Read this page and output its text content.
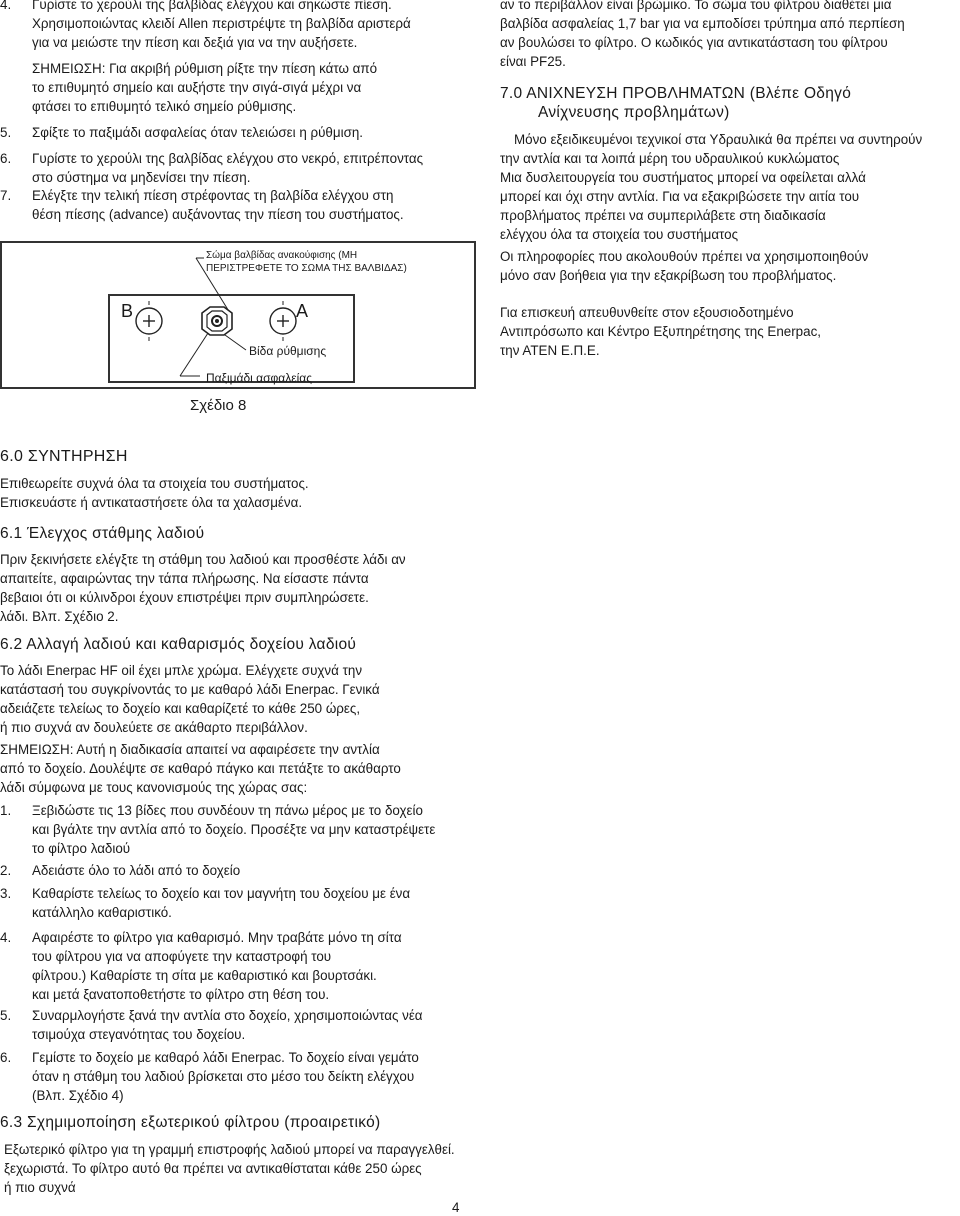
4. Γυρίστε το χερούλι της βαλβίδας ελέγχου και σηκώστε πίεση.
Χρησιμοποιώντας κλειδί Allen περιστρέψτε τη βαλβίδα αριστερά
για να μειώστε την πίεση και δεξιά για να την αυξήσετε.
ΣΗΜΕΙΩΣΗ: Για ακριβή ρύθμιση ρίξτε την πίεση κάτω από
το επιθυμητό σημείο και αυξήστε την σιγά-σιγά μέχρι να
φτάσει το επιθυμητό τελικό σημείο ρύθμισης.
5. Σφίξτε το παξιμάδι ασφαλείας όταν τελειώσει η ρύθμιση.
6. Γυρίστε το χερούλι της βαλβίδας ελέγχου στο νεκρό, επιτρέποντας
στο σύστημα να μηδενίσει την πίεση.
7. Ελέγξτε την τελική πίεση στρέφοντας τη βαλβίδα ελέγχου στη
θέση πίεσης (advance) αυξάνοντας την πίεση του συστήματος.
Σώμα βαλβίδας ανακούφισης (ΜΗ
ΠΕΡΙΣΤΡΕΦΕΤΕ ΤΟ ΣΩΜΑ ΤΗΣ ΒΑΛΒΙΔΑΣ)
B	A
Βίδα ρύθμισης
Παξιμάδι ασφαλείας
Σχέδιο 8
6.0 ΣΥΝΤΗΡΗΣΗ
Επιθεωρείτε συχνά όλα τα στοιχεία του συστήματος.
Επισκευάστε ή αντικαταστήσετε όλα τα χαλασμένα.
6.1 Έλεγχος στάθμης λαδιού
Πριν ξεκινήσετε ελέγξτε τη στάθμη του λαδιού και προσθέστε λάδι αν
απαιτείτε, αφαιρώντας την τάπα πλήρωσης. Να είσαστε πάντα
βεβαιοι ότι οι κύλινδροι έχουν επιστρέψει πριν συμπληρώσετε.
λάδι. Βλπ. Σχέδιο 2.
6.2 Αλλαγή λαδιού και καθαρισμός δοχείου λαδιού
Το λάδι Enerpac HF oil έχει μπλε χρώμα. Ελέγχετε συχνά την
κατάστασή του συγκρίνοντάς το με καθαρό λάδι Enerpac. Γενικά
αδειάζετε τελείως το δοχείο και καθαρίζετέ το κάθε 250 ώρες,
ή πιο συχνά αν δουλεύετε σε ακάθαρτο περιβάλλον.
ΣΗΜΕΙΩΣΗ: Αυτή η διαδικασία απαιτεί να αφαιρέσετε την αντλία
από το δοχείο. Δουλέψτε σε καθαρό πάγκο και πετάξτε το ακάθαρτο
λάδι σύμφωνα με τους κανονισμούς της χώρας σας:
1. Ξεβιδώστε τις 13 βίδες που συνδέουν τη πάνω μέρος με το δοχείο
και βγάλτε την αντλία από το δοχείο. Προσέξτε να μην καταστρέψετε
το φίλτρο λαδιού
2. Αδειάστε όλο το λάδι από το δοχείο
3. Καθαρίστε τελείως το δοχείο και τον μαγνήτη του δοχείου με ένα
κατάλληλο καθαριστικό.
4. Αφαιρέστε το φίλτρο για καθαρισμό. Μην τραβάτε μόνο τη σίτα
του φίλτρου για να αποφύγετε την καταστροφή του
φίλτρου.) Καθαρίστε τη σίτα με καθαριστικό και βουρτσάκι.
και μετά ξανατοποθετήστε το φίλτρο στη θέση του.
5. Συναρμλογήστε ξανά την αντλία στο δοχείο, χρησιμοποιώντας νέα
τσιμούχα στεγανότητας του δοχείου.
6. Γεμίστε το δοχείο με καθαρό λάδι Enerpac. Το δοχείο είναι γεμάτο
όταν η στάθμη του λαδιού βρίσκεται στο μέσο του δείκτη ελέγχου
(Βλπ. Σχέδιο 4)
6.3 Σχημιμοποίηση εξωτερικού φίλτρου (προαιρετικό)
Εξωτερικό φίλτρο για τη γραμμή επιστροφής λαδιού μπορεί να παραγγελθεί.
ξεχωριστά. Το φίλτρο αυτό θα πρέπει να αντικαθίσταται κάθε 250 ώρες
ή πιο συχνά
αν το περιβάλλον είναι βρώμικο. Το σώμα του φίλτρου διαθέτει μια
βαλβίδα ασφαλείας 1,7 bar για να εμποδίσει τρύπημα από περπίεση
αν βουλώσει το φίλτρο. Ο κωδικός για αντικατάσταση του φίλτρου
είναι PF25.
7.0 ΑΝΙΧΝΕΥΣΗ ΠΡΟΒΛΗΜΑΤΩΝ (Βλέπε Οδηγό
Ανίχνευσης προβλημάτων)
Μόνο εξειδικευμένοι τεχνικοί στα Υδραυλικά θα πρέπει να συντηρούν
την αντλία και τα λοιπά μέρη του υδραυλικού κυκλώματος
Μια δυσλειτουργεία του συστήματος μπορεί να οφείλεται αλλά
μπορεί και όχι στην αντλία. Για να εξακριβώσετε την αιτία του
προβλήματος πρέπει να συμπεριλάβετε στη διαδικασία
ελέγχου όλα τα στοιχεία του συστήματος
Οι πληροφορίες που ακολουθούν πρέπει να χρησιμοποιηθούν
μόνο σαν βοήθεια για την εξακρίβωση του προβλήματος.
Για επισκευή απευθυνθείτε στον εξουσιοδοτημένο
Αντιπρόσωπο και Κέντρο Εξυπηρέτησης της Enerpac,
την ΑΤΕΝ Ε.Π.Ε.
4
